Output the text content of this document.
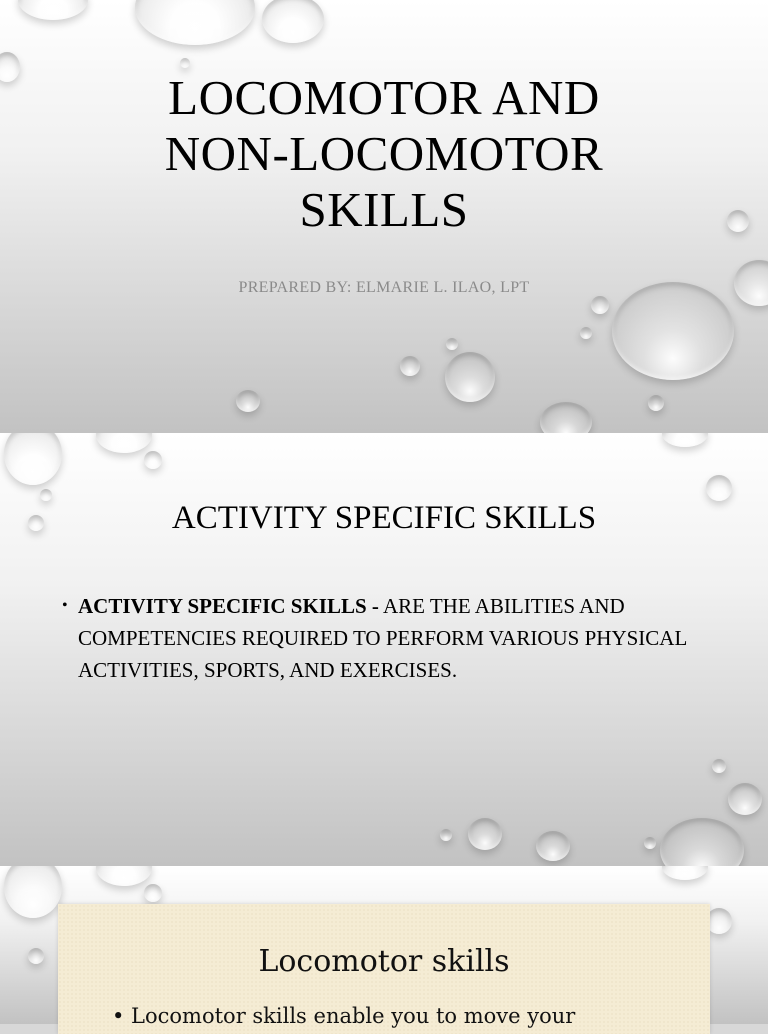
LOCOMOTOR AND
NON-LOCOMOTOR
SKILLS
PREPARED BY: ELMARIE L. ILAO, LPT
ACTIVITY SPECIFIC SKILLS
• ACTIVITY SPECIFIC SKILLS - ARE THE ABILITIES AND COMPETENCIES REQUIRED TO PERFORM VARIOUS PHYSICAL ACTIVITIES, SPORTS, AND EXERCISES.
Locomotor skills
• Locomotor skills enable you to move your
